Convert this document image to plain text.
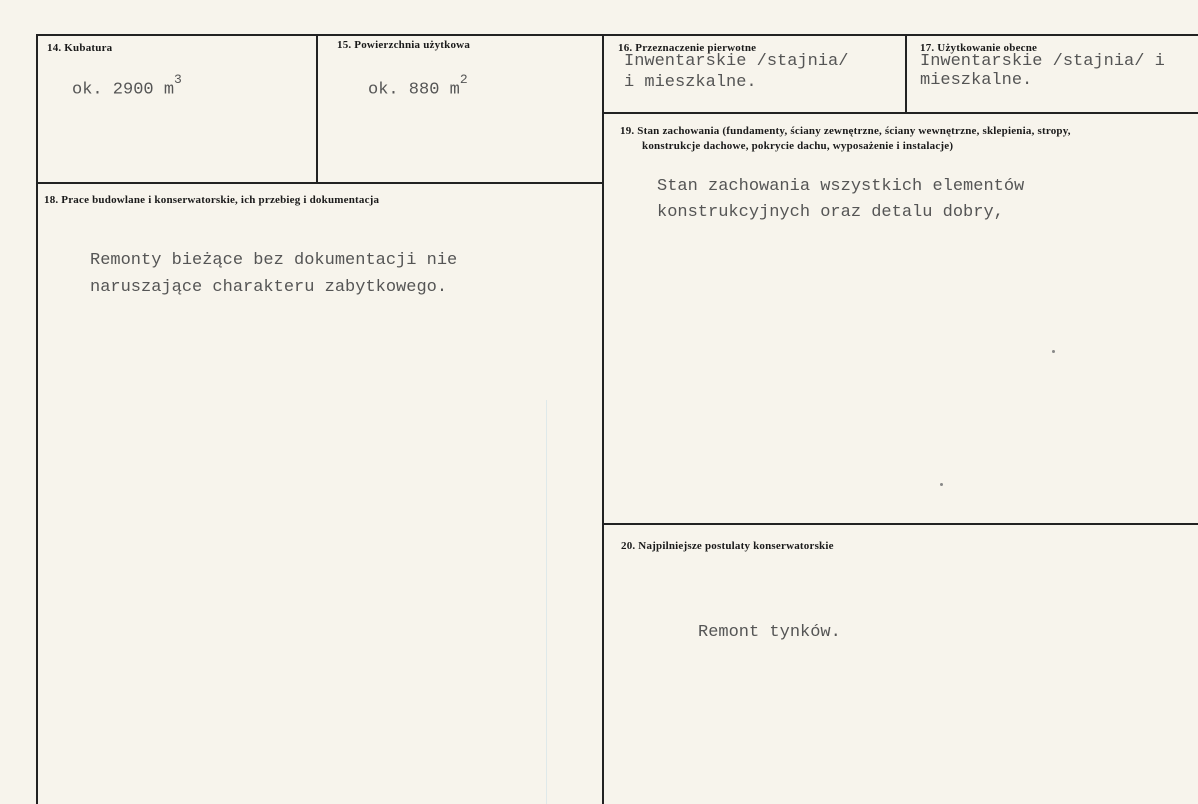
14. Kubatura
ok. 2900 $m^3$
15. Powierzchnia użytkowa
ok. 880 $m^2$
16. Przeznaczenie pierwotne
Inwentarskie /stajnia/
i mieszkalne.
17. Użytkowanie obecne
Inwentarskie /stajnia/ i
mieszkalne.
18. Prace budowlane i konserwatorskie, ich przebieg i dokumentacja
Remonty bieżące bez dokumentacji nie
naruszające charakteru zabytkowego.
19. Stan zachowania (fundamenty, ściany zewnętrzne, ściany wewnętrzne, sklepienia, stropy,
konstrukcje dachowe, pokrycie dachu, wyposażenie i instalacje)
Stan zachowania wszystkich elementów
konstrukcyjnych oraz detalu dobry,
20. Najpilniejsze postulaty konserwatorskie
Remont tynków.
